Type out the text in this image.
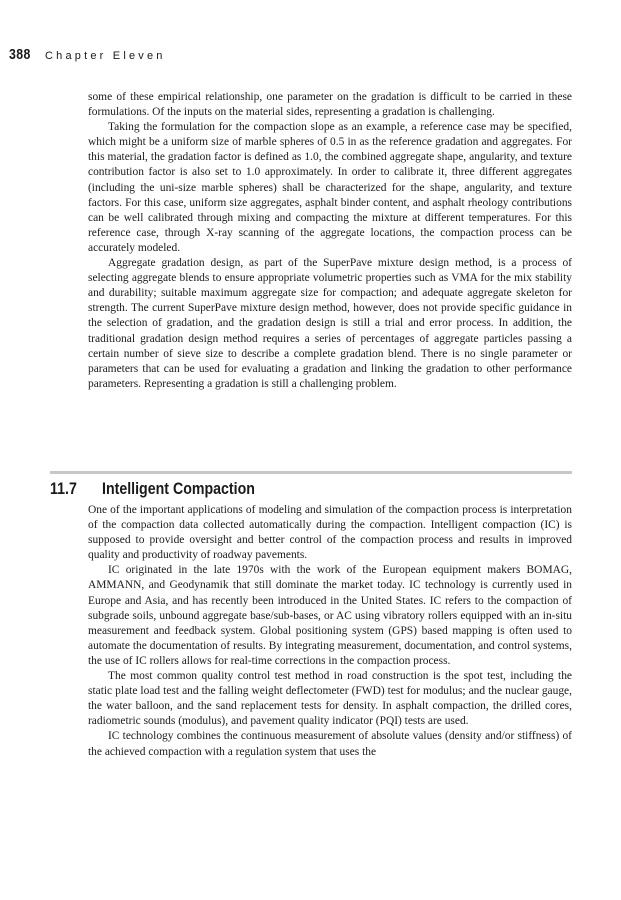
388 Chapter Eleven

some of these empirical relationship, one parameter on the gradation is difficult to be carried in these formulations. Of the inputs on the material sides, representing a gradation is challenging.

Taking the formulation for the compaction slope as an example, a reference case may be specified, which might be a uniform size of marble spheres of 0.5 in as the reference gradation and aggregates. For this material, the gradation factor is defined as 1.0, the combined aggregate shape, angularity, and texture contribution factor is also set to 1.0 approximately. In order to calibrate it, three different aggregates (including the uni-size marble spheres) shall be characterized for the shape, angularity, and texture factors. For this case, uniform size aggregates, asphalt binder content, and asphalt rheology contributions can be well calibrated through mixing and compacting the mixture at different temperatures. For this reference case, through X-ray scanning of the aggregate locations, the compaction process can be accurately modeled.

Aggregate gradation design, as part of the SuperPave mixture design method, is a process of selecting aggregate blends to ensure appropriate volumetric properties such as VMA for the mix stability and durability; suitable maximum aggregate size for compaction; and adequate aggregate skeleton for strength. The current SuperPave mixture design method, however, does not provide specific guidance in the selection of gradation, and the gradation design is still a trial and error process. In addition, the traditional gradation design method requires a series of percentages of aggregate particles passing a certain number of sieve size to describe a complete gradation blend. There is no single parameter or parameters that can be used for evaluating a gradation and linking the gradation to other performance parameters. Representing a gradation is still a challenging problem.

11.7	Intelligent Compaction

One of the important applications of modeling and simulation of the compaction process is interpretation of the compaction data collected automatically during the compaction. Intelligent compaction (IC) is supposed to provide oversight and better control of the compaction process and results in improved quality and productivity of roadway pavements.

IC originated in the late 1970s with the work of the European equipment makers BOMAG, AMMANN, and Geodynamik that still dominate the market today. IC technology is currently used in Europe and Asia, and has recently been introduced in the United States. IC refers to the compaction of subgrade soils, unbound aggregate base/sub-bases, or AC using vibratory rollers equipped with an in-situ measurement and feedback system. Global positioning system (GPS) based mapping is often used to automate the documentation of results. By integrating measurement, documentation, and control systems, the use of IC rollers allows for real-time corrections in the compaction process.

The most common quality control test method in road construction is the spot test, including the static plate load test and the falling weight deflectometer (FWD) test for modulus; and the nuclear gauge, the water balloon, and the sand replacement tests for density. In asphalt compaction, the drilled cores, radiometric sounds (modulus), and pavement quality indicator (PQI) tests are used.

IC technology combines the continuous measurement of absolute values (density and/or stiffness) of the achieved compaction with a regulation system that uses the
